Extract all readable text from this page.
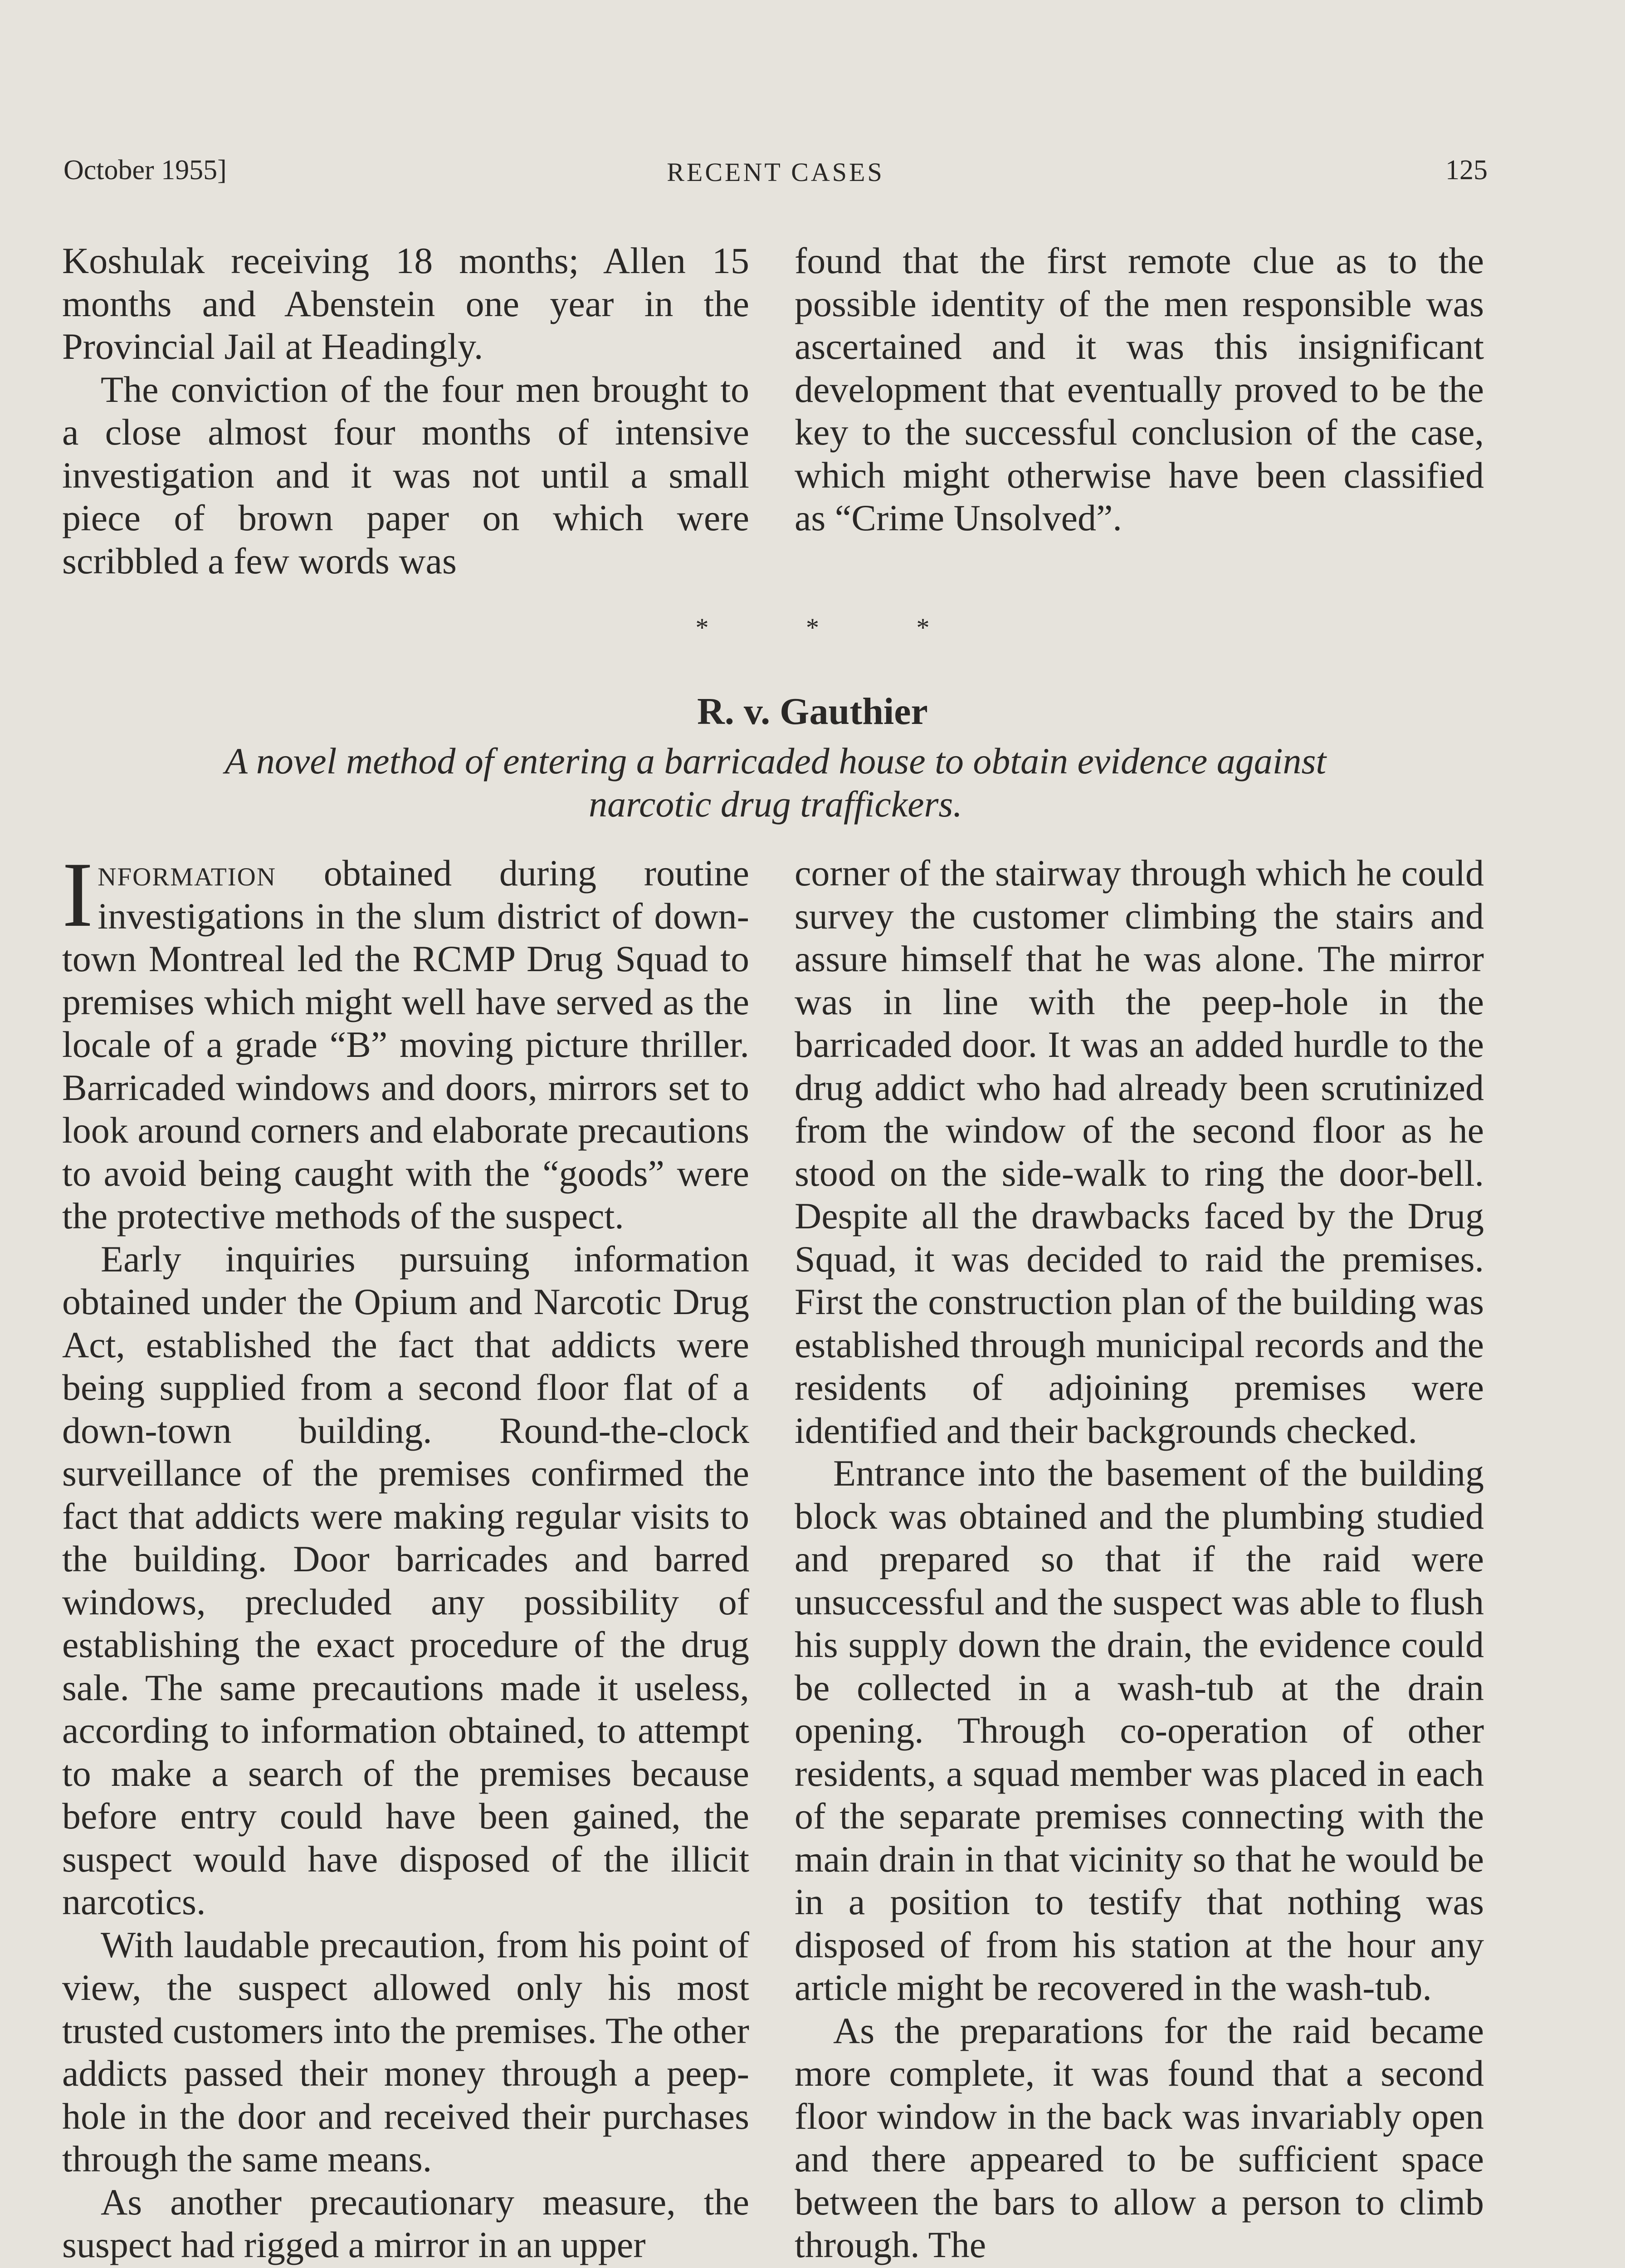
October 1955]	RECENT CASES	125

Koshulak receiving 18 months; Allen 15 months and Abenstein one year in the Provincial Jail at Headingly.

The conviction of the four men brought to a close almost four months of intensive investigation and it was not until a small piece of brown paper on which were scribbled a few words was

found that the first remote clue as to the possible identity of the men responsible was ascertained and it was this insignificant development that eventually proved to be the key to the successful conclusion of the case, which might otherwise have been classified as “Crime Unsolved”.

* * *
R. v. Gauthier
A novel method of entering a barricaded house to obtain evidence against narcotic drug traffickers.

Information obtained during routine investigations in the slum district of down-town Montreal led the RCMP Drug Squad to premises which might well have served as the locale of a grade “B” moving picture thriller. Barricaded windows and doors, mirrors set to look around corners and elaborate precautions to avoid being caught with the “goods” were the protective methods of the suspect.

Early inquiries pursuing information obtained under the Opium and Narcotic Drug Act, established the fact that addicts were being supplied from a second floor flat of a down-town building. Round-the-clock surveillance of the premises confirmed the fact that addicts were making regular visits to the building. Door barricades and barred windows, precluded any possibility of establishing the exact procedure of the drug sale. The same precautions made it useless, according to information obtained, to attempt to make a search of the premises because before entry could have been gained, the suspect would have disposed of the illicit narcotics.

With laudable precaution, from his point of view, the suspect allowed only his most trusted customers into the premises. The other addicts passed their money through a peep-hole in the door and received their purchases through the same means.

As another precautionary measure, the suspect had rigged a mirror in an upper

corner of the stairway through which he could survey the customer climbing the stairs and assure himself that he was alone. The mirror was in line with the peep-hole in the barricaded door. It was an added hurdle to the drug addict who had already been scrutinized from the window of the second floor as he stood on the side-walk to ring the door-bell. Despite all the drawbacks faced by the Drug Squad, it was decided to raid the premises. First the construction plan of the building was established through municipal records and the residents of adjoining premises were identified and their backgrounds checked.

Entrance into the basement of the building block was obtained and the plumbing studied and prepared so that if the raid were unsuccessful and the suspect was able to flush his supply down the drain, the evidence could be collected in a wash-tub at the drain opening. Through co-operation of other residents, a squad member was placed in each of the separate premises connecting with the main drain in that vicinity so that he would be in a position to testify that nothing was disposed of from his station at the hour any article might be recovered in the wash-tub.

As the preparations for the raid became more complete, it was found that a second floor window in the back was invariably open and there appeared to be sufficient space between the bars to allow a person to climb through. The
